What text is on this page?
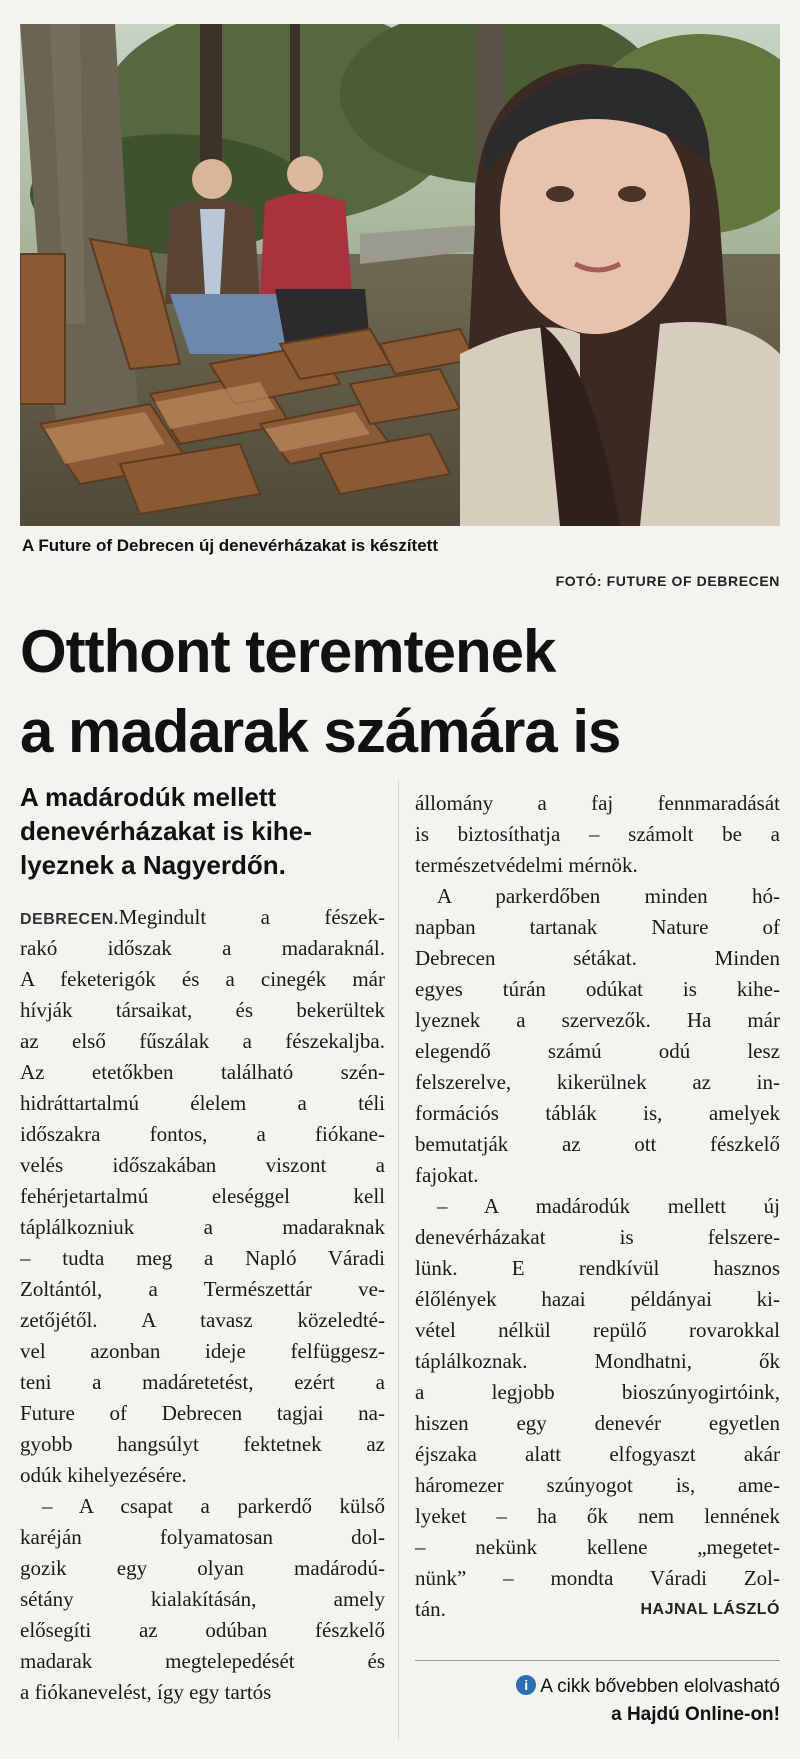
A Future of Debrecen új denevérházakat is készített
FOTÓ: FUTURE OF DEBRECEN
Otthont teremtenek
a madarak számára is
A madárodúk mellett
denevérházakat is kihe-
lyeznek a Nagyerdőn.
DEBRECEN.Megindult a fészek-
rakó időszak a madaraknál.
A feketerigók és a cinegék már
hívják társaikat, és bekerültek
az első fűszálak a fészekaljba.
Az etetőkben található szén-
hidráttartalmú élelem a téli
időszakra fontos, a fiókane-
velés időszakában viszont a
fehérjetartalmú eleséggel kell
táplálkozniuk a madaraknak
– tudta meg a Napló Váradi
Zoltántól, a Természettár ve-
zetőjétől. A tavasz közeledté-
vel azonban ideje felfüggesz-
teni a madáretetést, ezért a
Future of Debrecen tagjai na-
gyobb hangsúlyt fektetnek az
odúk kihelyezésére.
– A csapat a parkerdő külső
karéján folyamatosan dol-
gozik egy olyan madárodú-
sétány kialakításán, amely
elősegíti az odúban fészkelő
madarak megtelepedését és
a fiókanevelést, így egy tartós
állomány a faj fennmaradását
is biztosíthatja – számolt be a
természetvédelmi mérnök.
A parkerdőben minden hó-
napban tartanak Nature of
Debrecen sétákat. Minden
egyes túrán odúkat is kihe-
lyeznek a szervezők. Ha már
elegendő számú odú lesz
felszerelve, kikerülnek az in-
formációs táblák is, amelyek
bemutatják az ott fészkelő
fajokat.
– A madárodúk mellett új
denevérházakat is felszere-
lünk. E rendkívül hasznos
élőlények hazai példányai ki-
vétel nélkül repülő rovarokkal
táplálkoznak. Mondhatni, ők
a legjobb bioszúnyogirtóink,
hiszen egy denevér egyetlen
éjszaka alatt elfogyaszt akár
háromezer szúnyogot is, ame-
lyeket – ha ők nem lennének
– nekünk kellene „megetet-
nünk” – mondta Váradi Zol-
tán.	HAJNAL LÁSZLÓ
i A cikk bővebben elolvasható
a Hajdú Online-on!
